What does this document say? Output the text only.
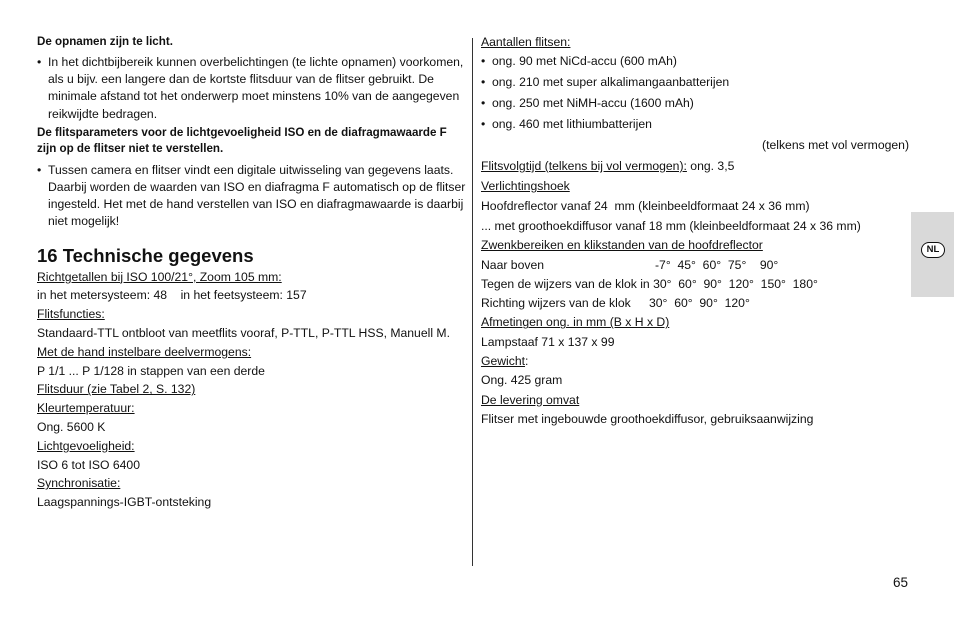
De opnamen zijn te licht.
• In het dichtbijbereik kunnen overbelichtingen (te lichte opnamen) voorkomen, als u bijv. een langere dan de kortste flitsduur van de flitser gebruikt. De minimale afstand tot het onderwerp moet minstens 10% van de aangegeven reikwijdte bedragen.
De flitsparameters voor de lichtgevoeligheid ISO en de diafragmawaarde F zijn op de flitser niet te verstellen.
• Tussen camera en flitser vindt een digitale uitwisseling van gegevens laats. Daarbij worden de waarden van ISO en diafragma F automatisch op de flitser ingesteld. Het met de hand verstellen van ISO en diafragmawaarde is daarbij niet mogelijk!
16 Technische gegevens
Richtgetallen bij ISO 100/21°, Zoom 105 mm:
in het metersysteem: 48    in het feetsysteem: 157
Flitsfuncties:
Standaard-TTL ontbloot van meetflits vooraf, P-TTL, P-TTL HSS, Manuell M.
Met de hand instelbare deelvermogens:
P 1/1 ... P 1/128 in stappen van een derde
Flitsduur (zie Tabel 2, S. 132)
Kleurtemperatuur:
Ong. 5600 K
Lichtgevoeligheid:
ISO 6 tot ISO 6400
Synchronisatie:
Laagspannings-IGBT-ontsteking
Aantallen flitsen:
• ong. 90 met NiCd-accu (600 mAh)
• ong. 210 met super alkalimangaanbatterijen
• ong. 250 met NiMH-accu (1600 mAh)
• ong. 460 met lithiumbatterijen
(telkens met vol vermogen)
Flitsvolgtijd (telkens bij vol vermogen): ong. 3,5
Verlichtingshoek
Hoofdreflector vanaf 24  mm (kleinbeeldformaat 24 x 36 mm)
... met groothoekdiffusor vanaf 18 mm (kleinbeeldformaat 24 x 36 mm)
Zwenkbereiken en klikstanden van de hoofdreflector
Naar boven	-7°  45°  60°  75°    90°
Tegen de wijzers van de klok in 30°  60°  90°  120°  150°  180°
Richting wijzers van de klok 30°  60°  90°  120°
Afmetingen ong. in mm (B x H x D)
Lampstaaf 71 x 137 x 99
Gewicht:
Ong. 425 gram
De levering omvat
Flitser met ingebouwde groothoekdiffusor, gebruiksaanwijzing
NL
65
